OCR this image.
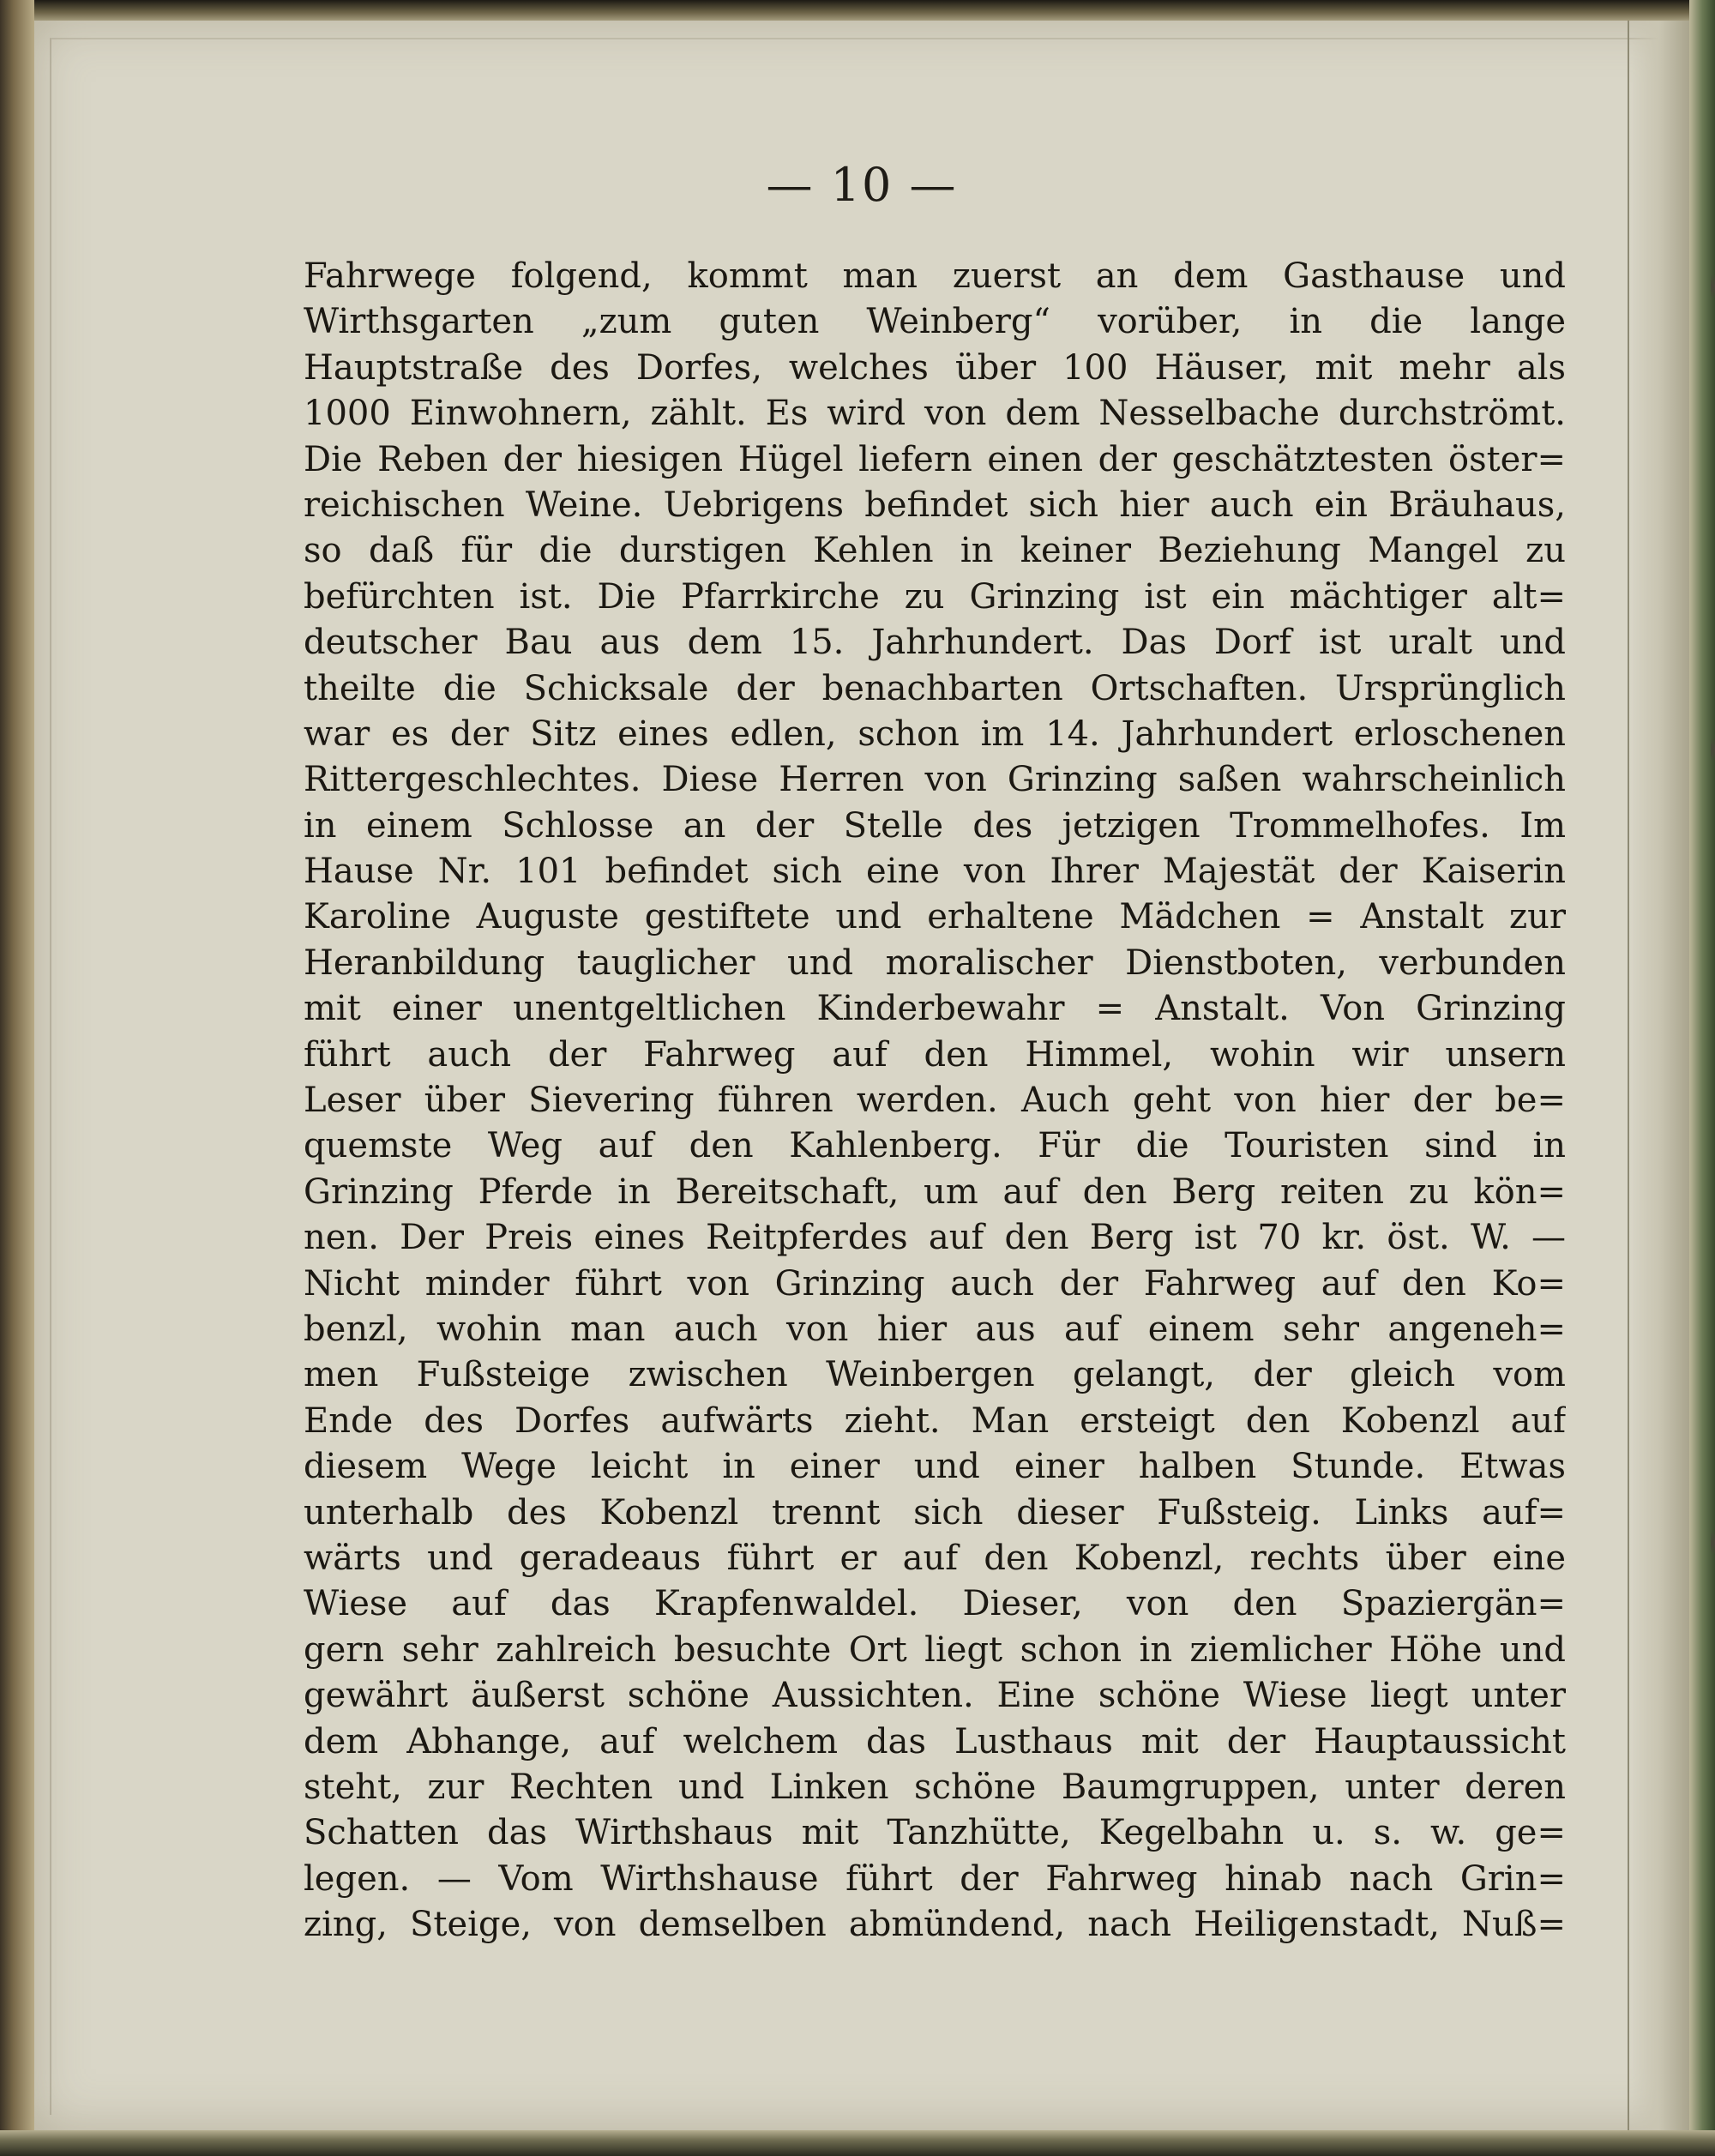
— 10 —
Fahrwege folgend, kommt man zuerst an dem Gasthause und
Wirthsgarten „zum guten Weinberg“ vorüber, in die lange
Hauptstraße des Dorfes, welches über 100 Häuser, mit mehr als
1000 Einwohnern, zählt. Es wird von dem Nesselbache durchströmt.
Die Reben der hiesigen Hügel liefern einen der geschätztesten öster=
reichischen Weine. Uebrigens befindet sich hier auch ein Bräuhaus,
so daß für die durstigen Kehlen in keiner Beziehung Mangel zu
befürchten ist. Die Pfarrkirche zu Grinzing ist ein mächtiger alt=
deutscher Bau aus dem 15. Jahrhundert. Das Dorf ist uralt und
theilte die Schicksale der benachbarten Ortschaften. Ursprünglich
war es der Sitz eines edlen, schon im 14. Jahrhundert erloschenen
Rittergeschlechtes. Diese Herren von Grinzing saßen wahrscheinlich
in einem Schlosse an der Stelle des jetzigen Trommelhofes. Im
Hause Nr. 101 befindet sich eine von Ihrer Majestät der Kaiserin
Karoline Auguste gestiftete und erhaltene Mädchen = Anstalt zur
Heranbildung tauglicher und moralischer Dienstboten, verbunden
mit einer unentgeltlichen Kinderbewahr = Anstalt. Von Grinzing
führt auch der Fahrweg auf den Himmel, wohin wir unsern
Leser über Sievering führen werden. Auch geht von hier der be=
quemste Weg auf den Kahlenberg. Für die Touristen sind in
Grinzing Pferde in Bereitschaft, um auf den Berg reiten zu kön=
nen. Der Preis eines Reitpferdes auf den Berg ist 70 kr. öst. W. —
Nicht minder führt von Grinzing auch der Fahrweg auf den Ko=
benzl, wohin man auch von hier aus auf einem sehr angeneh=
men Fußsteige zwischen Weinbergen gelangt, der gleich vom
Ende des Dorfes aufwärts zieht. Man ersteigt den Kobenzl auf
diesem Wege leicht in einer und einer halben Stunde. Etwas
unterhalb des Kobenzl trennt sich dieser Fußsteig. Links auf=
wärts und geradeaus führt er auf den Kobenzl, rechts über eine
Wiese auf das Krapfenwaldel. Dieser, von den Spaziergän=
gern sehr zahlreich besuchte Ort liegt schon in ziemlicher Höhe und
gewährt äußerst schöne Aussichten. Eine schöne Wiese liegt unter
dem Abhange, auf welchem das Lusthaus mit der Hauptaussicht
steht, zur Rechten und Linken schöne Baumgruppen, unter deren
Schatten das Wirthshaus mit Tanzhütte, Kegelbahn u. s. w. ge=
legen. — Vom Wirthshause führt der Fahrweg hinab nach Grin=
zing, Steige, von demselben abmündend, nach Heiligenstadt, Nuß=
